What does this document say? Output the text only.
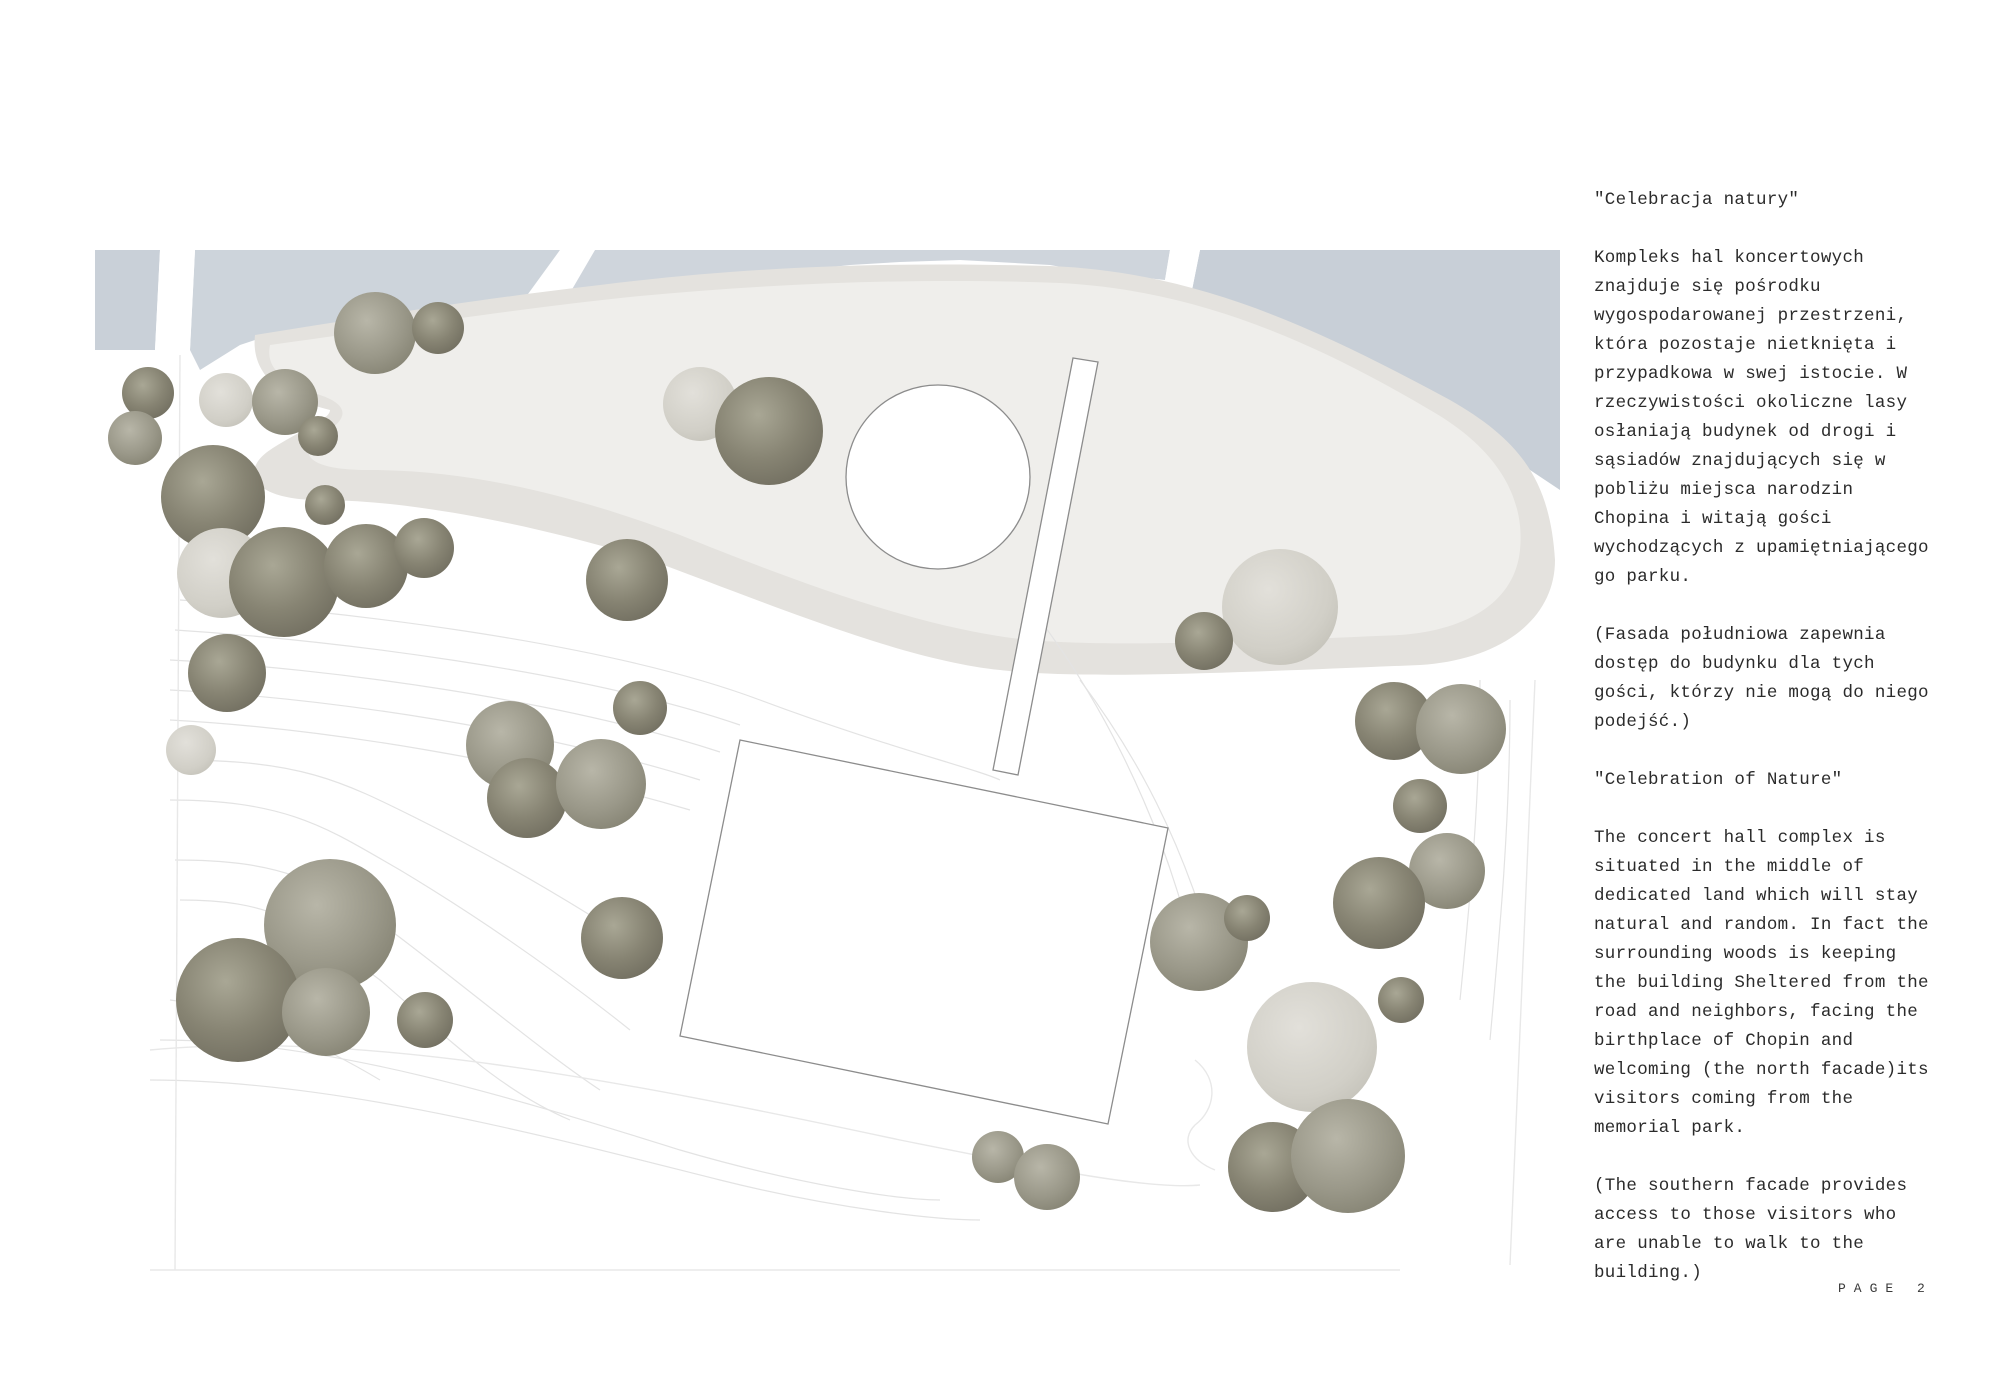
"Celebracja natury"

Kompleks hal koncertowych
znajduje się pośrodku
wygospodarowanej przestrzeni,
która pozostaje nietknięta i
przypadkowa w swej istocie. W
rzeczywistości okoliczne lasy
osłaniają budynek od drogi i
sąsiadów znajdujących się w
pobliżu miejsca narodzin
Chopina i witają gości
wychodzących z upamiętniającego
go parku.

(Fasada południowa zapewnia
dostęp do budynku dla tych
gości, którzy nie mogą do niego
podejść.)

"Celebration of Nature"

The concert hall complex is
situated in the middle of
dedicated land which will stay
natural and random. In fact the
surrounding woods is keeping
the building Sheltered from the
road and neighbors, facing the
birthplace of Chopin and
welcoming (the north facade)its
visitors coming from the
memorial park.

(The southern facade provides
access to those visitors who
are unable to walk to the
building.)

PAGE 2
